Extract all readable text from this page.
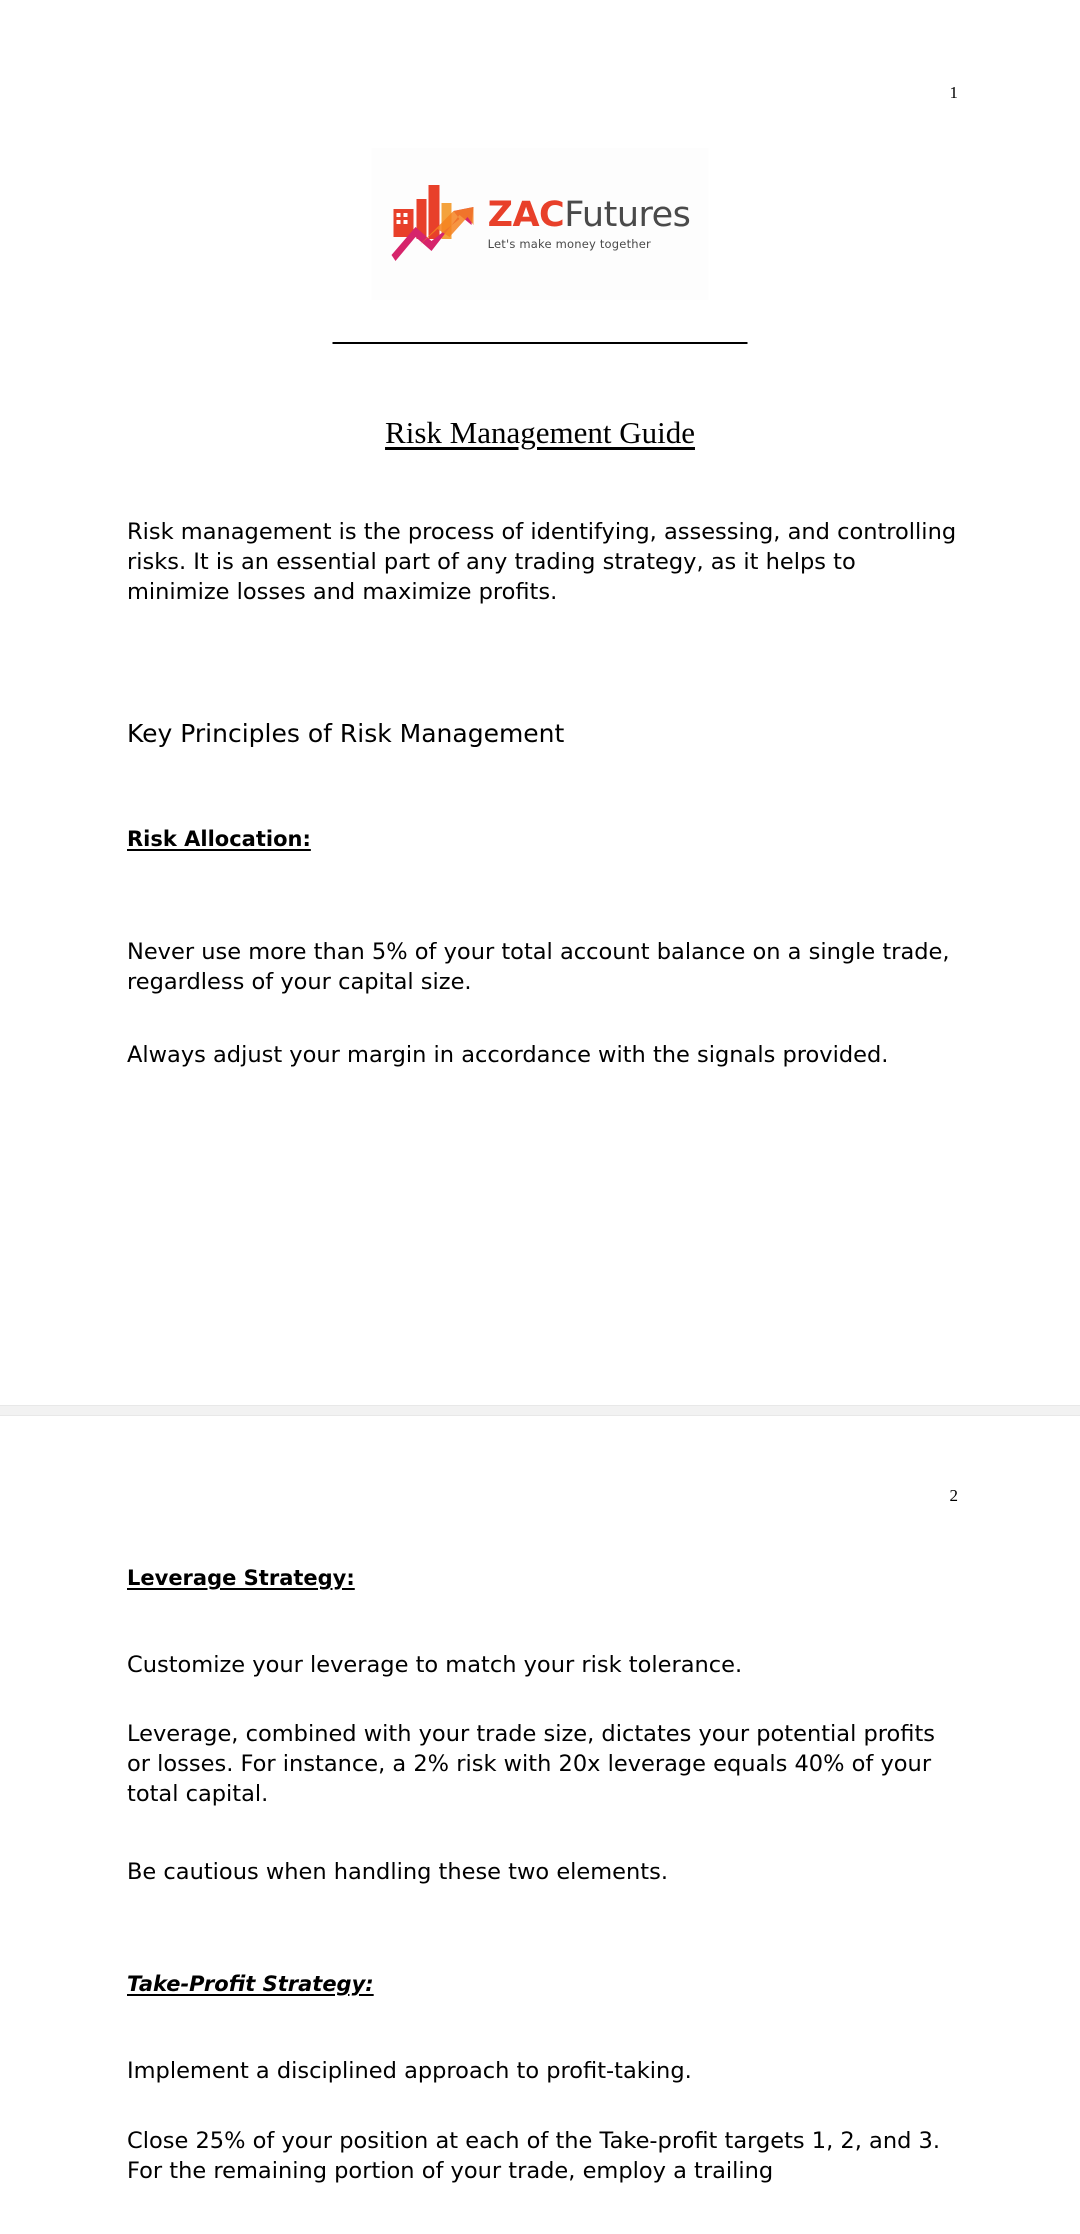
1
ZACFutures
Let's make money together
Risk Management Guide
Risk management is the process of identifying, assessing, and controlling risks. It is an essential part of any trading strategy, as it helps to minimize losses and maximize profits.
Key Principles of Risk Management
Risk Allocation:
Never use more than 5% of your total account balance on a single trade, regardless of your capital size.
Always adjust your margin in accordance with the signals provided.
2
Leverage Strategy:
Customize your leverage to match your risk tolerance.
Leverage, combined with your trade size, dictates your potential profits or losses. For instance, a 2% risk with 20x leverage equals 40% of your total capital.
Be cautious when handling these two elements.
Take-Profit Strategy:
Implement a disciplined approach to profit-taking.
Close 25% of your position at each of the Take-profit targets 1, 2, and 3. For the remaining portion of your trade, employ a trailing
